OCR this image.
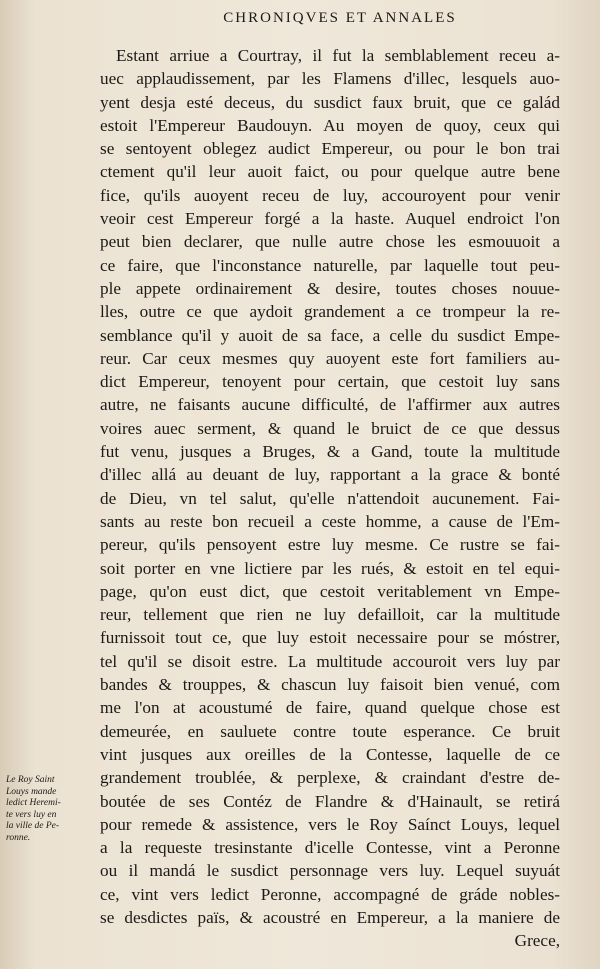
CHRONIQVES ET ANNALES
Estant arriue a Courtray, il fut la semblablement receu a-
uec applaudissement, par les Flamens d'illec, lesquels auo-
yent desja esté deceus, du susdict faux bruit, que ce galád
estoit l'Empereur Baudouyn. Au moyen de quoy, ceux qui
se sentoyent oblegez audict Empereur, ou pour le bon trai
ctement qu'il leur auoit faict, ou pour quelque autre bene
fice, qu'ils auoyent receu de luy, accouroyent pour venir
veoir cest Empereur forgé a la haste. Auquel endroict l'on
peut bien declarer, que nulle autre chose les esmouuoit a
ce faire, que l'inconstance naturelle, par laquelle tout peu-
ple appete ordinairement & desire, toutes choses nouue-
lles, outre ce que aydoit grandement a ce trompeur la re-
semblance qu'il y auoit de sa face, a celle du susdict Empe-
reur. Car ceux mesmes quy auoyent este fort familiers au-
dict Empereur, tenoyent pour certain, que cestoit luy sans
autre, ne faisants aucune difficulté, de l'affirmer aux autres
voires auec serment, & quand le bruict de ce que dessus
fut venu, jusques a Bruges, & a Gand, toute la multitude
d'illec allá au deuant de luy, rapportant a la grace & bonté
de Dieu, vn tel salut, qu'elle n'attendoit aucunement. Fai-
sants au reste bon recueil a ceste homme, a cause de l'Em-
pereur, qu'ils pensoyent estre luy mesme. Ce rustre se fai-
soit porter en vne lictiere par les rués, & estoit en tel equi-
page, qu'on eust dict, que cestoit veritablement vn Empe-
reur, tellement que rien ne luy defailloit, car la multitude
furnissoit tout ce, que luy estoit necessaire pour se móstrer,
tel qu'il se disoit estre. La multitude accouroit vers luy par
bandes & trouppes, & chascun luy faisoit bien venué, com
me l'on at acoustumé de faire, quand quelque chose est
demeurée, en sauluete contre toute esperance. Ce bruit
vint jusques aux oreilles de la Contesse, laquelle de ce
grandement troublée, & perplexe, & craindant d'estre de-
boutée de ses Contéz de Flandre & d'Hainault, se retirá
pour remede & assistence, vers le Roy Saínct Louys, lequel
a la requeste tresinstante d'icelle Contesse, vint a Peronne
ou il mandá le susdict personnage vers luy. Lequel suyuát
ce, vint vers ledict Peronne, accompagné de gráde nobles-
se desdictes païs, & acoustré en Empereur, a la maniere de
Grece,
Le Roy Saint
Louys mande
ledict Heremi-
te vers luy en
la ville de Pe-
ronne.
